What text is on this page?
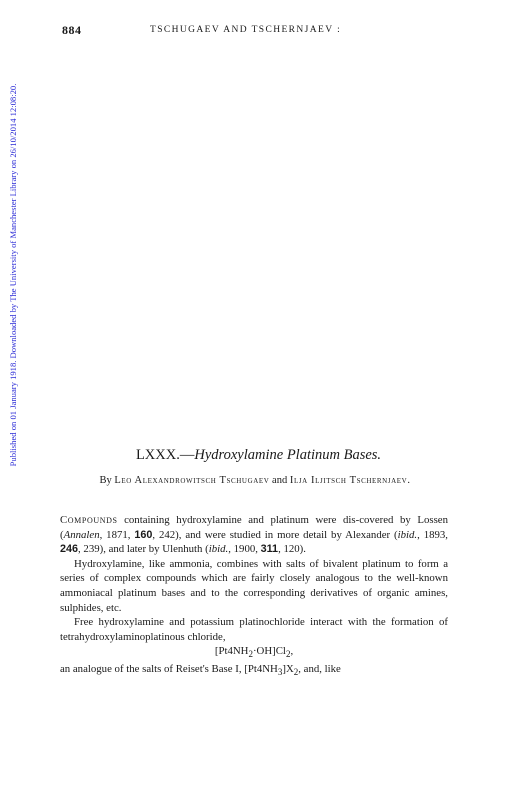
Published on 01 January 1918. Downloaded by The University of Manchester Library on 26/10/2014 12:08:20.
884	TSCHUGAEV AND TSCHERNJAEV :
LXXX.—Hydroxylamine Platinum Bases.
By Leo Alexandrowitsch Tschugaev and Ilja Iljitsch Tschernjaev.

Compounds containing hydroxylamine and platinum were dis-covered by Lossen (Annalen, 1871, 160, 242), and were studied in more detail by Alexander (ibid., 1893, 246, 239), and later by Ulenhuth (ibid., 1900, 311, 120).

Hydroxylamine, like ammonia, combines with salts of bivalent platinum to form a series of complex compounds which are fairly closely analogous to the well-known ammoniacal platinum bases and to the corresponding derivatives of organic amines, sulphides, etc.

Free hydroxylamine and potassium platinochloride interact with the formation of tetrahydroxylaminoplatinous chloride,

$[Pt4NH_2\cdot OH]Cl_2$,

an analogue of the salts of Reiset's Base I, $[Pt4NH_3]X_2$, and, like
